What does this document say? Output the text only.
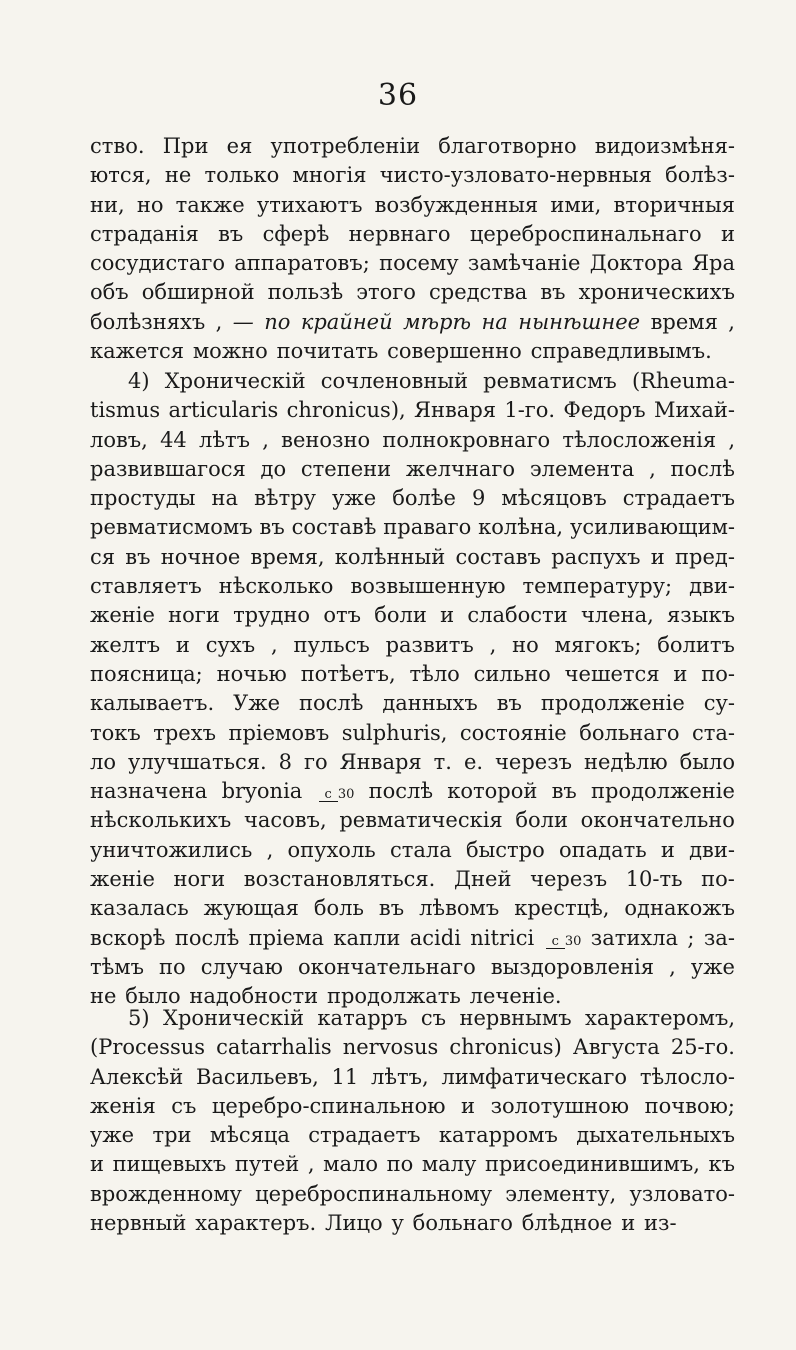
36
ство. При ея употребленіи благотворно видоизмѣня-
ются, не только многія чисто-узловато-нервныя болѣз-
ни, но также утихаютъ возбужденныя ими, вторичныя
страданія въ сферѣ нервнаго цереброспинальнаго и
сосудистаго аппаратовъ; посему замѣчаніе Доктора Яра
объ обширной пользѣ этого средства въ хроническихъ
болѣзняхъ , — по крайней мѣрѣ на нынѣшнее время ,
кажется можно почитать совершенно справедливымъ.
4) Хроническій сочленовный ревматисмъ (Rheuma-
tismus articularis chronicus), Января 1-го. Федоръ Михай-
ловъ, 44 лѣтъ , венозно полнокровнаго тѣлосложенія ,
развившагося до степени желчнаго элемента , послѣ
простуды на вѣтру уже болѣе 9 мѣсяцовъ страдаетъ
ревматисмомъ въ составѣ праваго колѣна, усиливающим-
ся въ ночное время, колѣнный составъ распухъ и пред-
ставляетъ нѣсколько возвышенную температуру; дви-
женіе ноги трудно отъ боли и слабости члена, языкъ
желтъ и сухъ , пульсъ развитъ , но мягокъ; болитъ
поясница; ночью потѣетъ, тѣло сильно чешется и по-
калываетъ. Уже послѣ данныхъ въ продолженіе су-
токъ трехъ пріемовъ sulphuris, состояніе больнаго ста-
ло улучшаться. 8 го Января т. е. черезъ недѣлю было
назначена bryonia	c 30 послѣ которой въ продолженіе
нѣсколькихъ часовъ, ревматическія боли окончательно
уничтожились , опухоль стала быстро опадать и дви-
женіе ноги возстановляться. Дней черезъ 10-ть по-
казалась жующая боль въ лѣвомъ крестцѣ, однакожъ
вскорѣ послѣ пріема капли acidi nitrici	c 30 затихла ; за-
тѣмъ по случаю окончательнаго выздоровленія , уже
не было надобности продолжать леченіе.
5) Хроническій катарръ съ нервнымъ характеромъ,
(Processus catarrhalis nervosus chronicus) Августа 25-го.
Алексѣй Васильевъ, 11 лѣтъ, лимфатическаго тѣлосло-
женія съ церебро-спинальною и золотушною почвою;
уже три мѣсяца страдаетъ катарромъ дыхательныхъ
и пищевыхъ путей , мало по малу присоединившимъ, къ
врожденному цереброспинальному элементу, узловато-
нервный характеръ. Лицо у больнаго блѣдное и из-
